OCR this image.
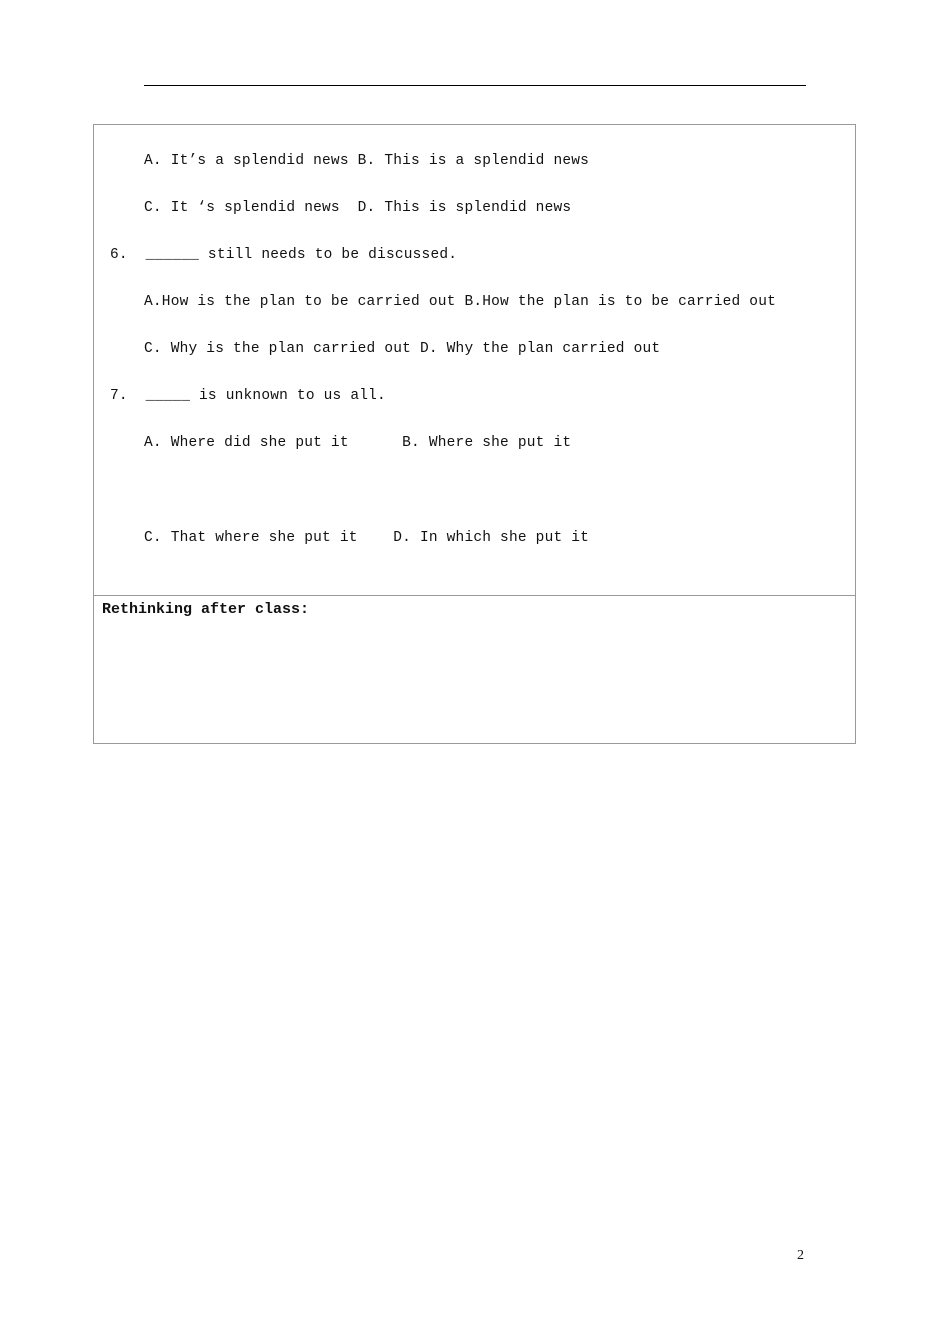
A. It’s a splendid news B. This is a splendid news
C. It ‘s splendid news  D. This is splendid news
6.  ______ still needs to be discussed.
A.How is the plan to be carried out B.How the plan is to be carried out
C. Why is the plan carried out D. Why the plan carried out
7.  _____ is unknown to us all.
A. Where did she put it      B. Where she put it
C. That where she put it    D. In which she put it
Rethinking after class:
2
